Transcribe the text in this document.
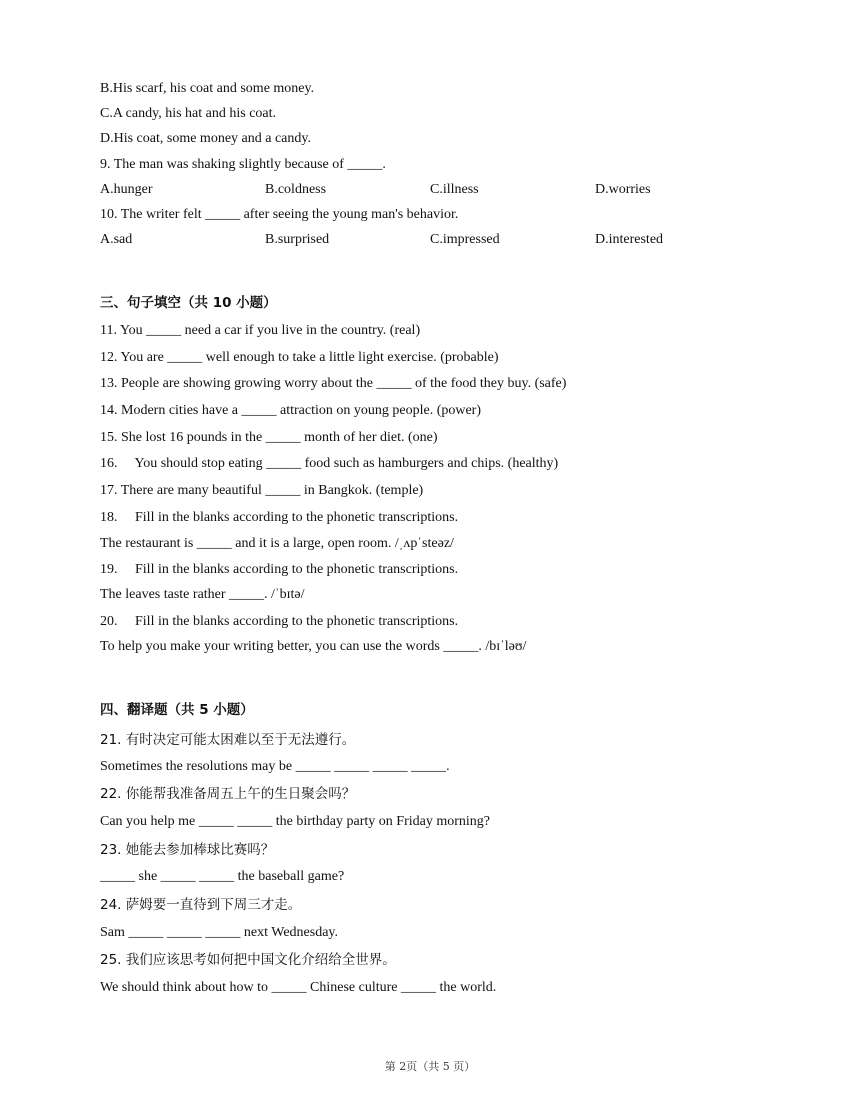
B.His scarf, his coat and some money.
C.A candy, his hat and his coat.
D.His coat, some money and a candy.
9. The man was shaking slightly because of _____.
A.hunger	B.coldness	C.illness	D.worries
10. The writer felt _____ after seeing the young man's behavior.
A.sad	B.surprised	C.impressed	D.interested
三、句子填空（共 10 小题）
11. You _____ need a car if you live in the country. (real)
12. You are _____ well enough to take a little light exercise. (probable)
13. People are showing growing worry about the _____ of the food they buy. (safe)
14. Modern cities have a _____ attraction on young people. (power)
15. She lost 16 pounds in the _____ month of her diet. (one)
16.     You should stop eating _____ food such as hamburgers and chips. (healthy)
17. There are many beautiful _____ in Bangkok. (temple)
18.     Fill in the blanks according to the phonetic transcriptions.
The restaurant is _____ and it is a large, open room. /ˌʌpˈsteəz/
19.     Fill in the blanks according to the phonetic transcriptions.
The leaves taste rather _____. /ˈbɪtə/
20.     Fill in the blanks according to the phonetic transcriptions.
To help you make your writing better, you can use the words _____. /bɪˈləʊ/
四、翻译题（共 5 小题）
21. 有时决定可能太困难以至于无法遵行。
Sometimes the resolutions may be _____ _____ _____ _____.
22. 你能帮我准备周五上午的生日聚会吗？
Can you help me _____ _____ the birthday party on Friday morning?
23. 她能去参加棒球比赛吗？
_____ she _____ _____ the baseball game?
24. 萨姆要一直待到下周三才走。
Sam _____ _____ _____ next Wednesday.
25. 我们应该思考如何把中国文化介绍给全世界。
We should think about how to _____ Chinese culture _____ the world.
第 2页（共 5 页）
